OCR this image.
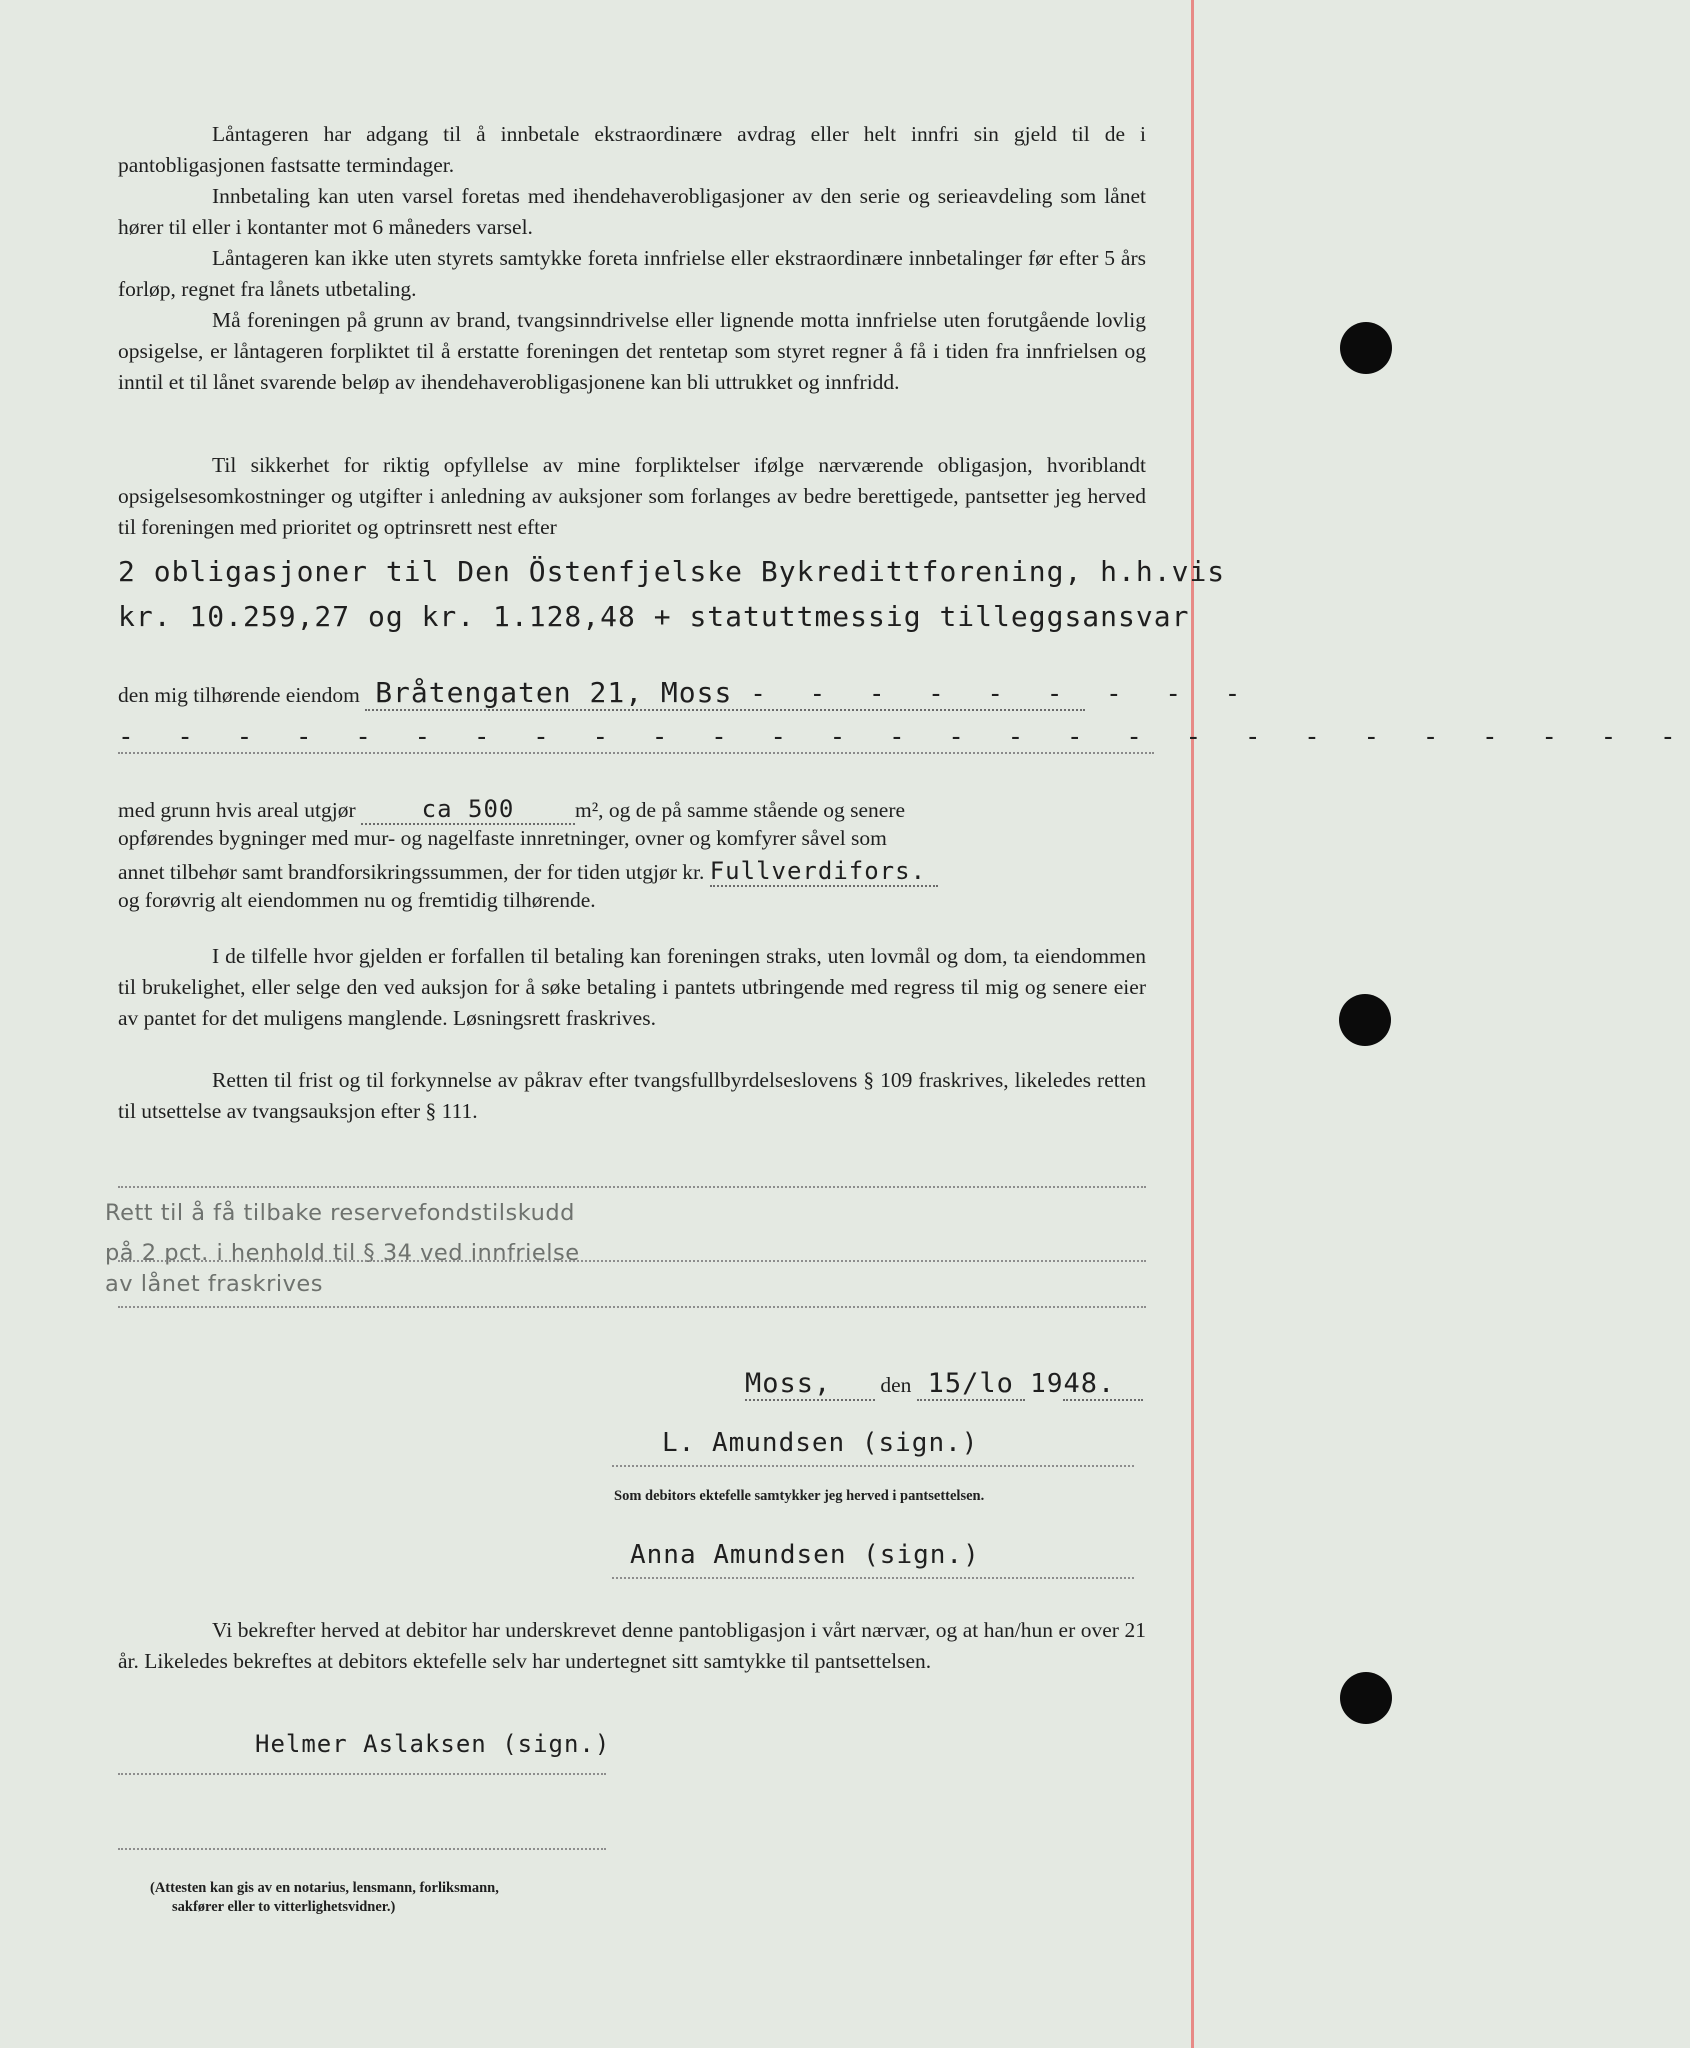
Låntageren har adgang til å innbetale ekstraordinære avdrag eller helt innfri sin gjeld til de i pantobligasjonen fastsatte termindager.

Innbetaling kan uten varsel foretas med ihendehaverobligasjoner av den serie og serieavdeling som lånet hører til eller i kontanter mot 6 måneders varsel.

Låntageren kan ikke uten styrets samtykke foreta innfrielse eller ekstraordinære innbetalinger før efter 5 års forløp, regnet fra lånets utbetaling.

Må foreningen på grunn av brand, tvangsinndrivelse eller lignende motta innfrielse uten forutgående lovlig opsigelse, er låntageren forpliktet til å erstatte foreningen det rentetap som styret regner å få i tiden fra innfrielsen og inntil et til lånet svarende beløp av ihendehaverobligasjonene kan bli uttrukket og innfridd.

Til sikkerhet for riktig opfyllelse av mine forpliktelser ifølge nærværende obligasjon, hvoriblandt opsigelsesomkostninger og utgifter i anledning av auksjoner som forlanges av bedre berettigede, pantsetter jeg herved til foreningen med prioritet og optrinsrett nest efter

2 obligasjoner til Den Östenfjelske Bykredittforening, h.h.vis
kr. 10.259,27 og kr. 1.128,48 + statuttmessig tilleggsansvar
den mig tilhørende eiendom Bråtengaten 21, Moss - - - - - - - - -
- - - - - - - - - - - - - - - - - - - - - - - - - - -
med grunn hvis areal utgjør	ca 500	m², og de på samme stående og senere
opførendes bygninger med mur- og nagelfaste innretninger, ovner og komfyrer såvel som
annet tilbehør samt brandforsikringssummen, der for tiden utgjør kr. Fullverdifors.
og forøvrig alt eiendommen nu og fremtidig tilhørende.

I de tilfelle hvor gjelden er forfallen til betaling kan foreningen straks, uten lovmål og dom, ta eiendommen til brukelighet, eller selge den ved auksjon for å søke betaling i pantets utbringende med regress til mig og senere eier av pantet for det muligens manglende. Løsningsrett fraskrives.

Retten til frist og til forkynnelse av påkrav efter tvangsfullbyrdelseslovens § 109 fraskrives, likeledes retten til utsettelse av tvangsauksjon efter § 111.

Rett til å få tilbake reservefondstilskudd
på 2 pct. i henhold til § 34 ved innfrielse
av lånet fraskrives
Moss, den 15/lo 1948.
L. Amundsen (sign.)
Som debitors ektefelle samtykker jeg herved i pantsettelsen.
Anna Amundsen (sign.)

Vi bekrefter herved at debitor har underskrevet denne pantobligasjon i vårt nærvær, og at han/hun er over 21 år. Likeledes bekreftes at debitors ektefelle selv har undertegnet sitt samtykke til pantsettelsen.

Helmer Aslaksen (sign.)
(Attesten kan gis av en notarius, lensmann, forliksmann,
sakfører eller to vitterlighetsvidner.)
